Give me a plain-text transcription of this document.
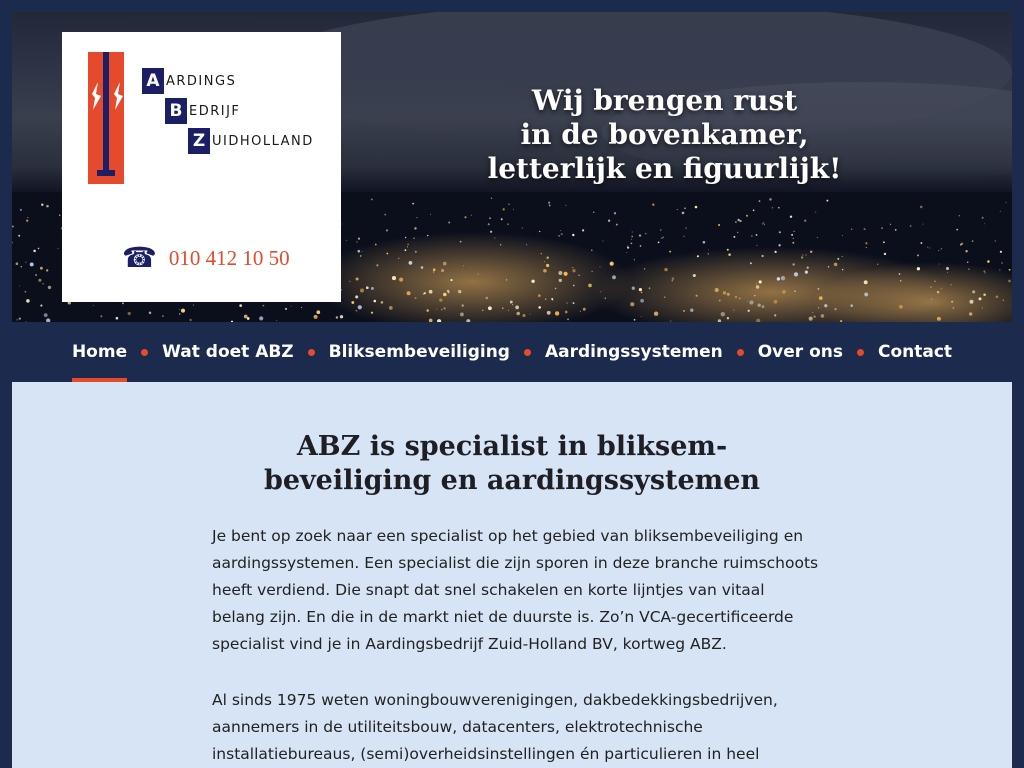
Wij brengen rust
in de bovenkamer,
letterlijk en figuurlijk!
A ARDINGS
B EDRIJF
Z UIDHOLLAND
☎ 010 412 10 50
Home Wat doet ABZ Bliksembeveiliging Aardingssystemen Over ons Contact
ABZ is specialist in bliksem-
beveiliging en aardingssystemen

Je bent op zoek naar een specialist op het gebied van bliksembeveiliging en aardingssystemen. Een specialist die zijn sporen in deze branche ruimschoots heeft verdiend. Die snapt dat snel schakelen en korte lijntjes van vitaal belang zijn. En die in de markt niet de duurste is. Zo’n VCA-gecertificeerde specialist vind je in Aardingsbedrijf Zuid-Holland BV, kortweg ABZ.

Al sinds 1975 weten woningbouwverenigingen, dakbedekkingsbedrijven, aannemers in de utiliteitsbouw, datacenters, elektrotechnische installatiebureaus, (semi)overheidsinstellingen én particulieren in heel
